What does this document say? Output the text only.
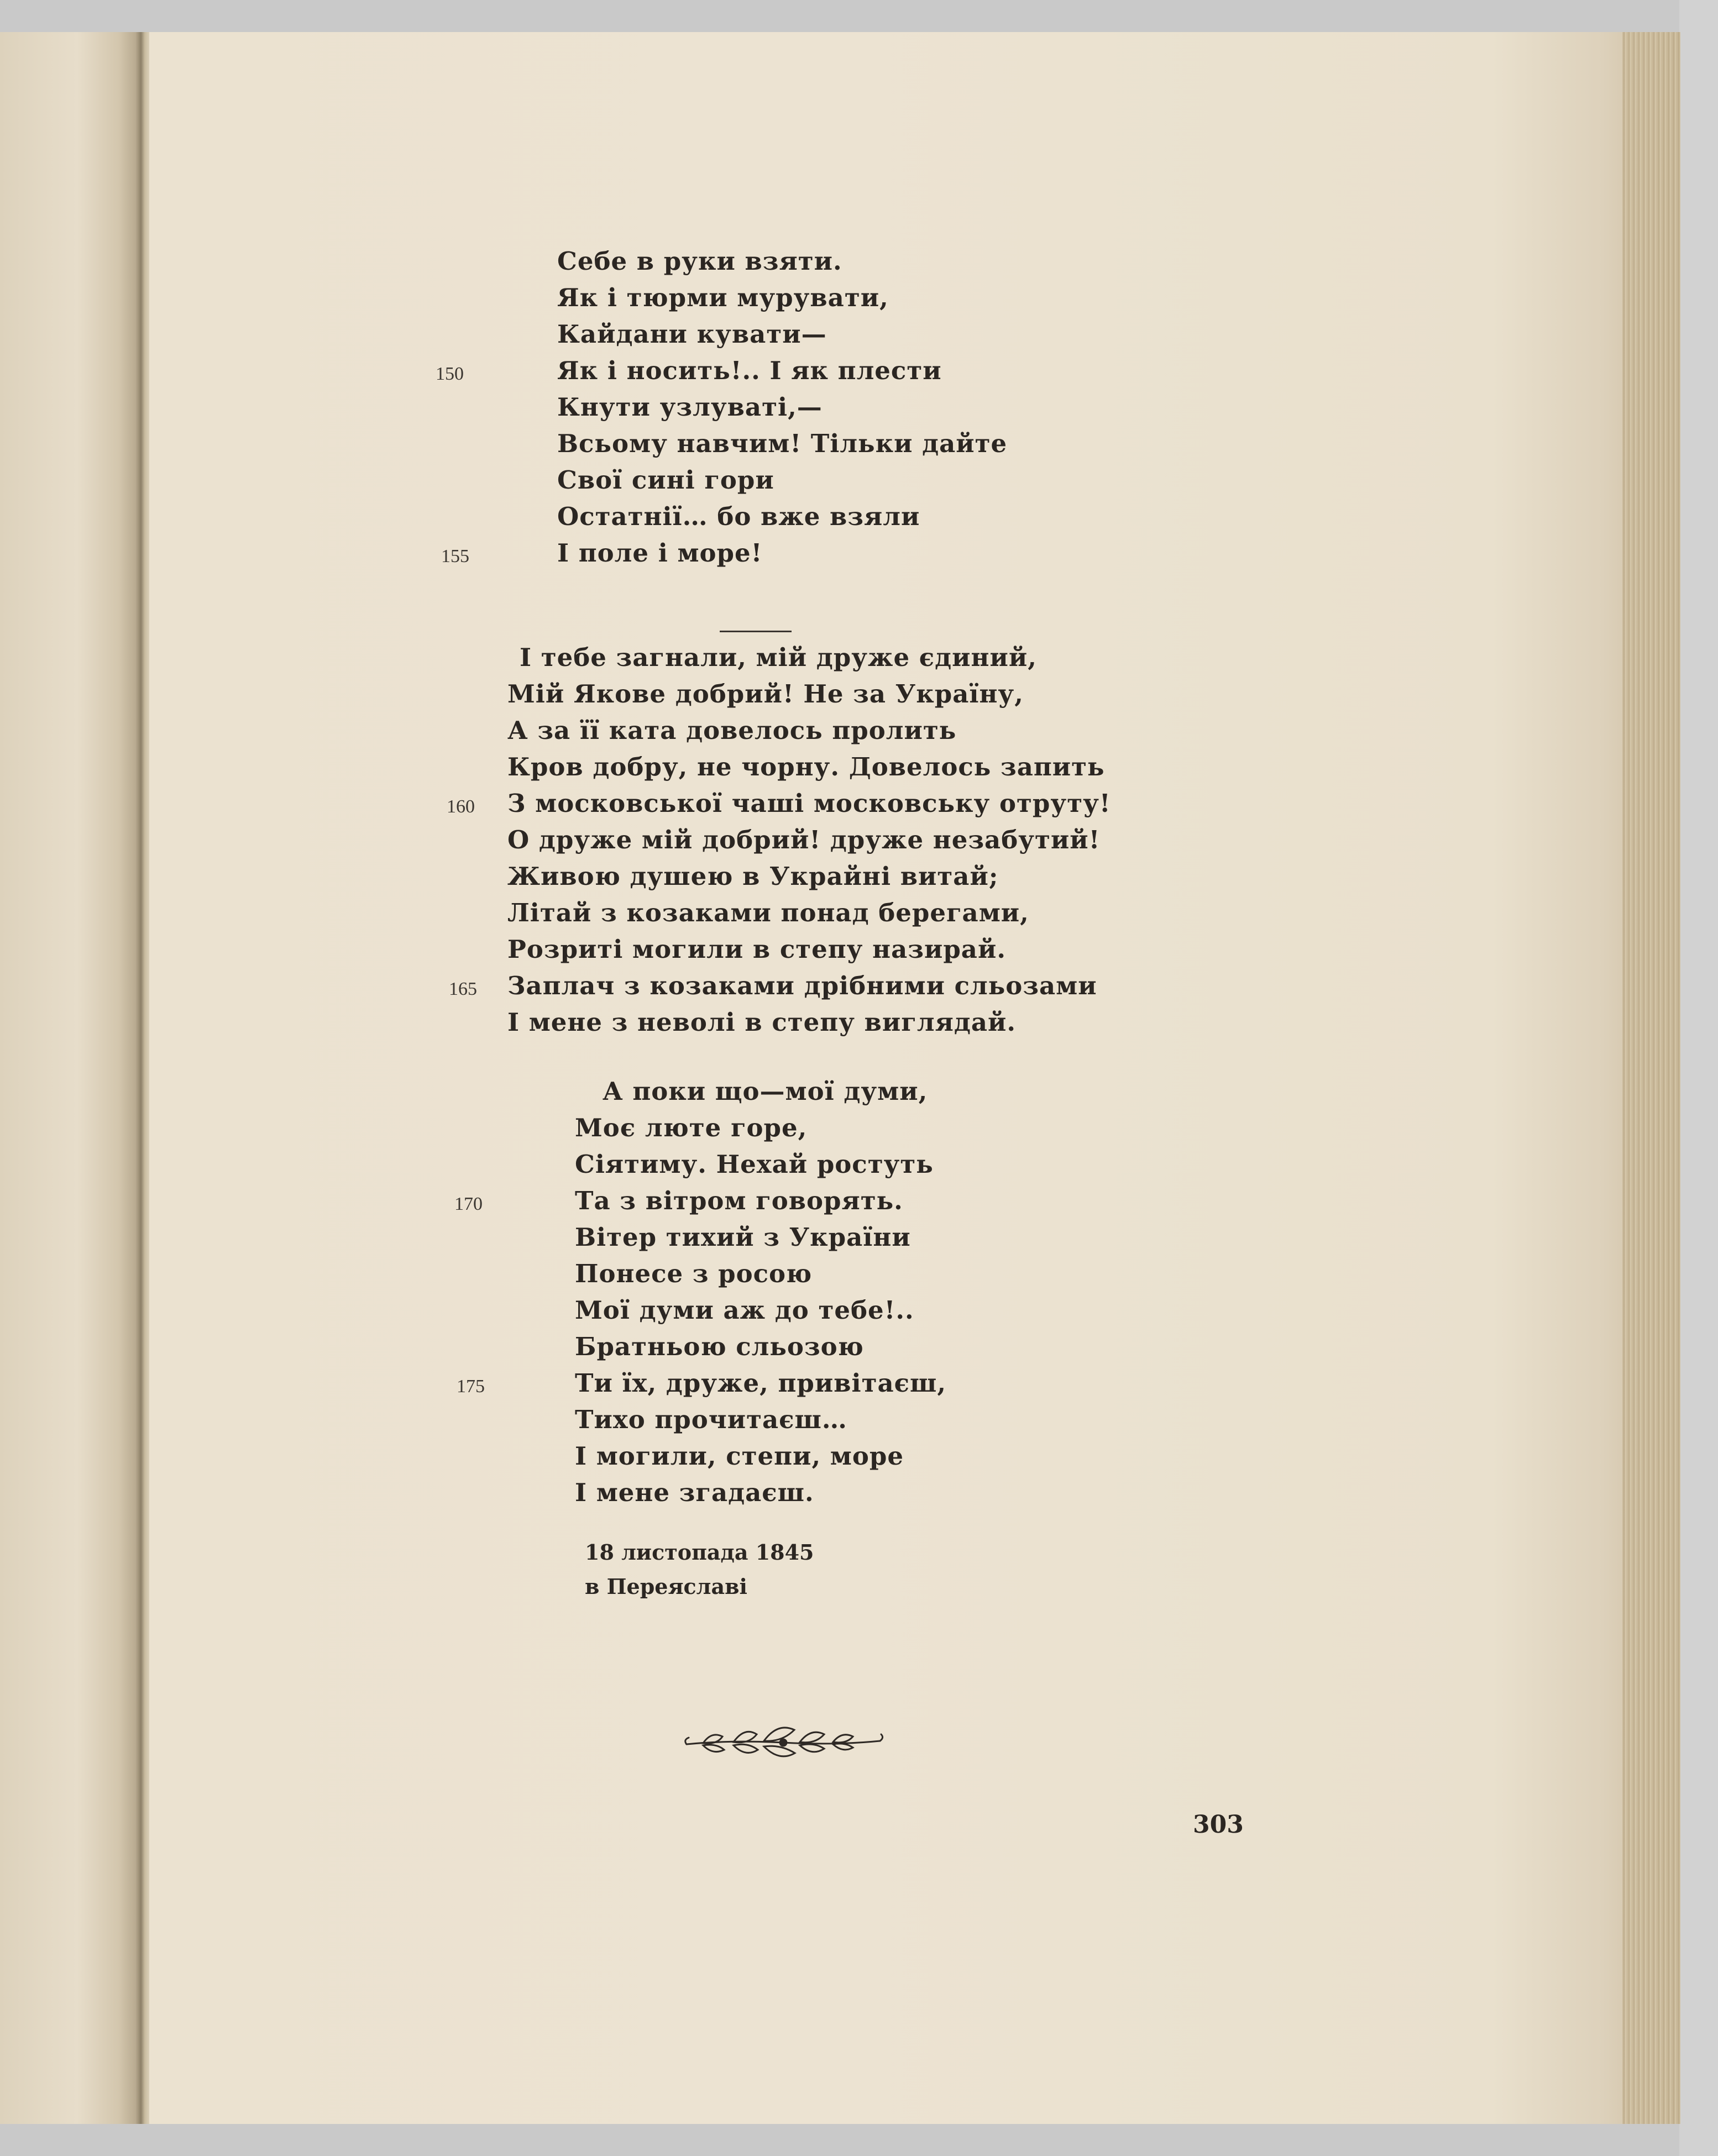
Себе в руки взяти.
Як і тюрми мурувати,
Кайдани кувати—
150	Як і носить!.. І як плести
Кнути узлуваті,—
Всьому навчим! Тільки дайте
Свої сині гори
Остатнії… бо вже взяли
155	І поле і море!
І тебе загнали, мій друже єдиний,
Мій Якове добрий! Не за Україну,
А за її ката довелось пролить
Кров добру, не чорну. Довелось запить
160 З московської чаші московську отруту!
О друже мій добрий! друже незабутий!
Живою душею в Украйні витай;
Літай з козаками понад берегами,
Розриті могили в степу назирай.
165 Заплач з козаками дрібними сльозами
І мене з неволі в степу виглядай.
А поки що—мої думи,
Моє люте горе,
Сіятиму. Нехай ростуть
170	Та з вітром говорять.
Вітер тихий з України
Понесе з росою
Мої думи аж до тебе!..
Братньою сльозою
175	Ти їх, друже, привітаєш,
Тихо прочитаєш…
І могили, степи, море
І мене згадаєш.
18 листопада 1845
в Переяславі
303
